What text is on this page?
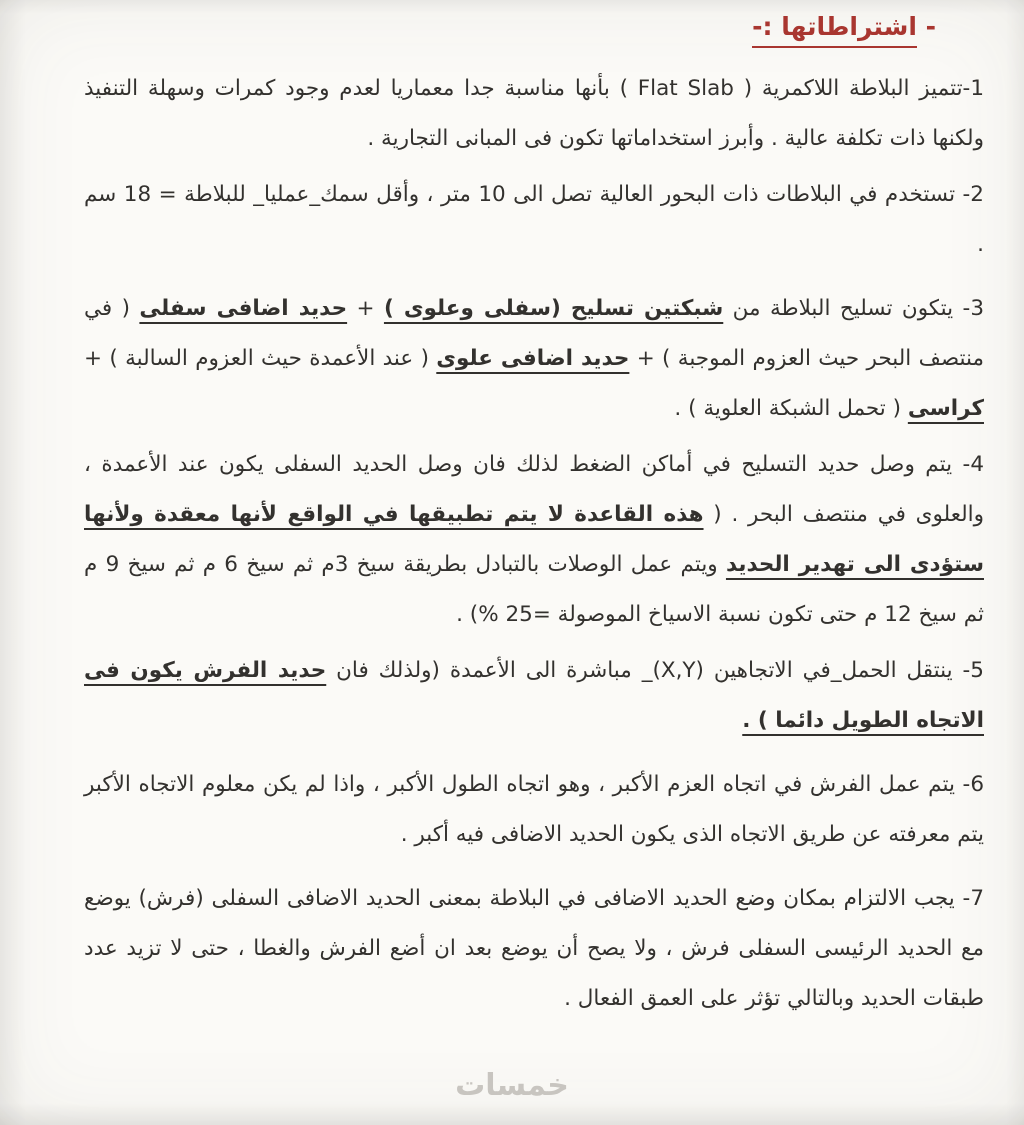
- اشتراطاتها :-
1-تتميز البلاطة اللاكمرية ( Flat Slab ) بأنها مناسبة جدا معماريا لعدم وجود كمرات وسهلة التنفيذ ولكنها ذات تكلفة عالية . وأبرز استخداماتها تكون فى المبانى التجارية .
2- تستخدم في البلاطات ذات البحور العالية تصل الى 10 متر ، وأقل سمك_عمليا_ للبلاطة = 18 سم .
3- يتكون تسليح البلاطة من شبكتين تسليح (سفلى وعلوى ) + حديد اضافى سفلى ( في منتصف البحر حيث العزوم الموجبة ) + حديد اضافى علوى ( عند الأعمدة حيث العزوم السالبة ) + كراسى ( تحمل الشبكة العلوية ) .
4- يتم وصل حديد التسليح في أماكن الضغط لذلك فان وصل الحديد السفلى يكون عند الأعمدة ، والعلوى في منتصف البحر . ( هذه القاعدة لا يتم تطبيقها في الواقع لأنها معقدة ولأنها ستؤدى الى تهدير الحديد ويتم عمل الوصلات بالتبادل بطريقة سيخ 3م ثم سيخ 6 م ثم سيخ 9 م ثم سيخ 12 م حتى تكون نسبة الاسياخ الموصولة =25 %) .
5- ينتقل الحمل_في الاتجاهين (X,Y)_ مباشرة الى الأعمدة (ولذلك فان حديد الفرش يكون فى الاتجاه الطويل دائما ) .
6- يتم عمل الفرش في اتجاه العزم الأكبر ، وهو اتجاه الطول الأكبر ، واذا لم يكن معلوم الاتجاه الأكبر يتم معرفته عن طريق الاتجاه الذى يكون الحديد الاضافى فيه أكبر .
7- يجب الالتزام بمكان وضع الحديد الاضافى في البلاطة بمعنى الحديد الاضافى السفلى (فرش) يوضع مع الحديد الرئيسى السفلى فرش ، ولا يصح أن يوضع بعد ان أضع الفرش والغطا ، حتى لا تزيد عدد طبقات الحديد وبالتالي تؤثر على العمق الفعال .
خمسات
